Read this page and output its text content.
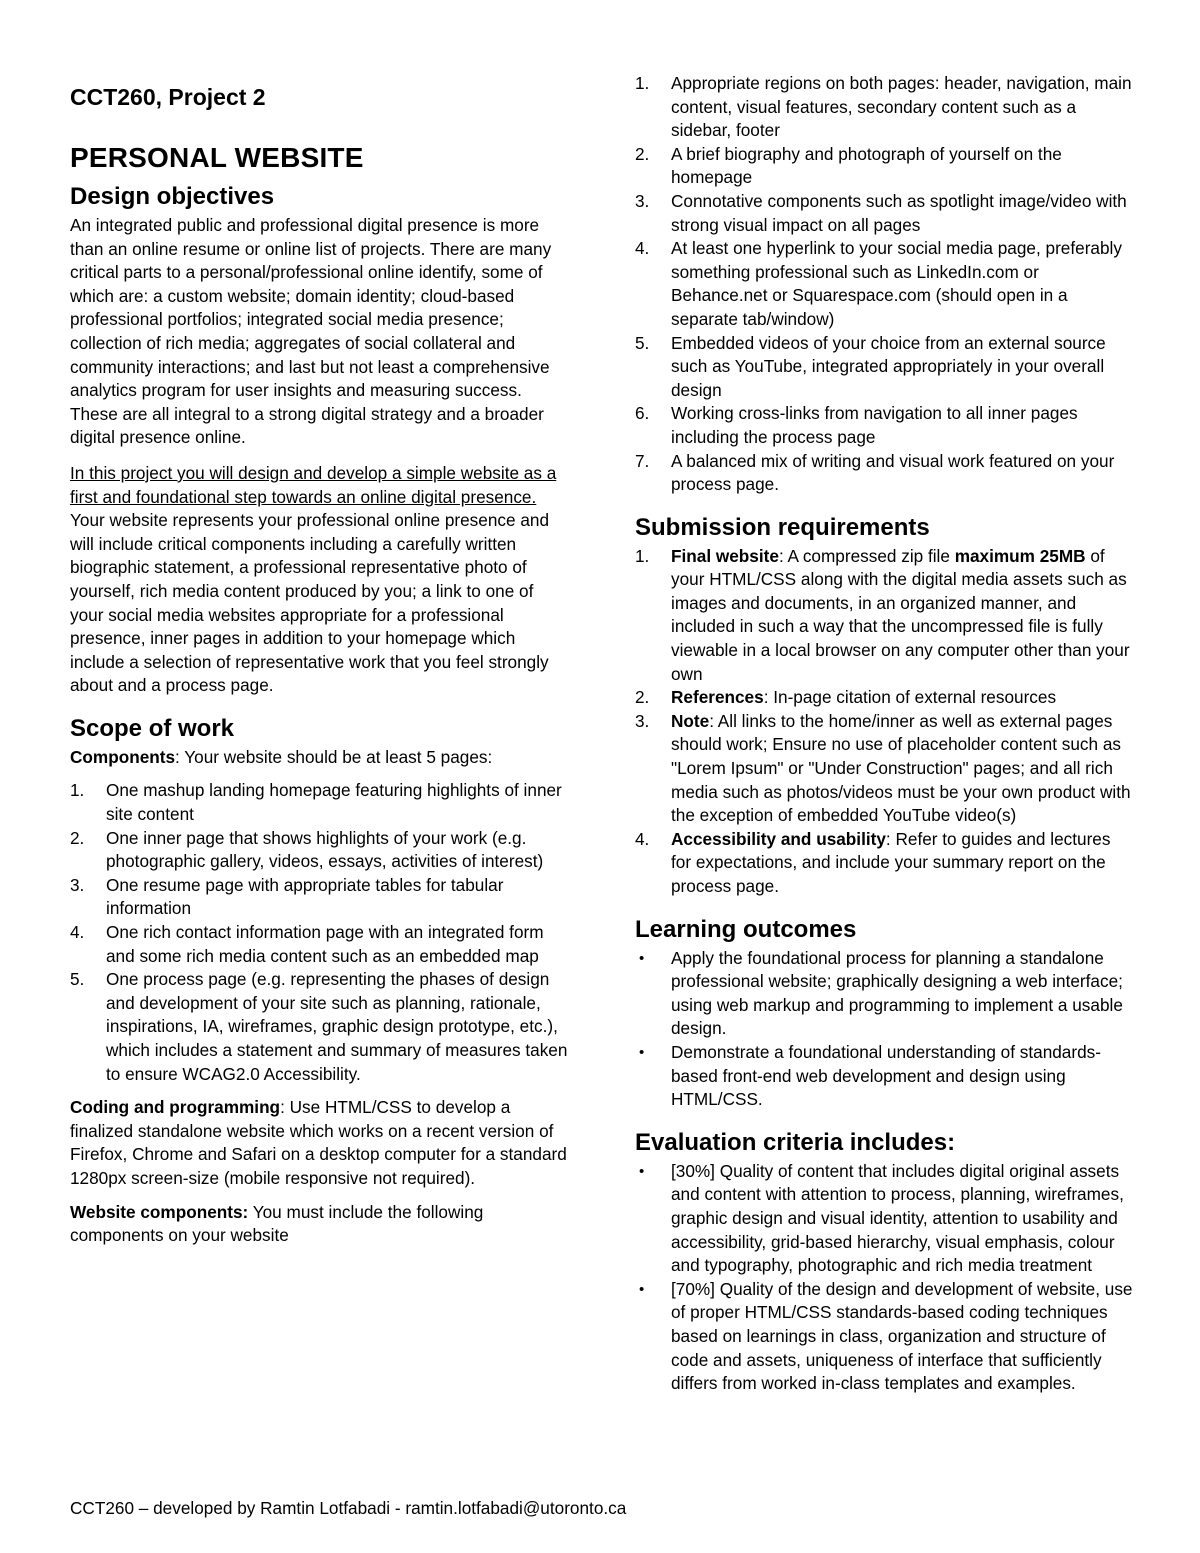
CCT260, Project 2
PERSONAL WEBSITE
Design objectives

An integrated public and professional digital presence is more than an online resume or online list of projects. There are many critical parts to a personal/professional online identify, some of which are: a custom website; domain identity; cloud-based professional portfolios; integrated social media presence; collection of rich media; aggregates of social collateral and community interactions; and last but not least a comprehensive analytics program for user insights and measuring success. These are all integral to a strong digital strategy and a broader digital presence online.

In this project you will design and develop a simple website as a first and foundational step towards an online digital presence. Your website represents your professional online presence and will include critical components including a carefully written biographic statement, a professional representative photo of yourself, rich media content produced by you; a link to one of your social media websites appropriate for a professional presence, inner pages in addition to your homepage which include a selection of representative work that you feel strongly about and a process page.

Scope of work

Components: Your website should be at least 5 pages:

1.	One mashup landing homepage featuring highlights of inner site content
2.	One inner page that shows highlights of your work (e.g. photographic gallery, videos, essays, activities of interest)
3.	One resume page with appropriate tables for tabular information
4.	One rich contact information page with an integrated form and some rich media content such as an embedded map
5.	One process page (e.g. representing the phases of design and development of your site such as planning, rationale, inspirations, IA, wireframes, graphic design prototype, etc.), which includes a statement and summary of measures taken to ensure WCAG2.0 Accessibility.

Coding and programming: Use HTML/CSS to develop a finalized standalone website which works on a recent version of Firefox, Chrome and Safari on a desktop computer for a standard 1280px screen-size (mobile responsive not required).

Website components: You must include the following components on your website

1.	Appropriate regions on both pages: header, navigation, main content, visual features, secondary content such as a sidebar, footer
2.	A brief biography and photograph of yourself on the homepage
3.	Connotative components such as spotlight image/video with strong visual impact on all pages
4.	At least one hyperlink to your social media page, preferably something professional such as LinkedIn.com or Behance.net or Squarespace.com (should open in a separate tab/window)
5.	Embedded videos of your choice from an external source such as YouTube, integrated appropriately in your overall design
6.	Working cross-links from navigation to all inner pages including the process page
7.	A balanced mix of writing and visual work featured on your process page.
Submission requirements
1.	Final website: A compressed zip file maximum 25MB of your HTML/CSS along with the digital media assets such as images and documents, in an organized manner, and included in such a way that the uncompressed file is fully viewable in a local browser on any computer other than your own
2.	References: In-page citation of external resources
3.	Note: All links to the home/inner as well as external pages should work; Ensure no use of placeholder content such as "Lorem Ipsum" or "Under Construction" pages; and all rich media such as photos/videos must be your own product with the exception of embedded YouTube video(s)
4.	Accessibility and usability: Refer to guides and lectures for expectations, and include your summary report on the process page.
Learning outcomes
•	Apply the foundational process for planning a standalone professional website; graphically designing a web interface; using web markup and programming to implement a usable design.
•	Demonstrate a foundational understanding of standards-based front-end web development and design using HTML/CSS.
Evaluation criteria includes:
•	[30%] Quality of content that includes digital original assets and content with attention to process, planning, wireframes, graphic design and visual identity, attention to usability and accessibility, grid-based hierarchy, visual emphasis, colour and typography, photographic and rich media treatment
•	[70%] Quality of the design and development of website, use of proper HTML/CSS standards-based coding techniques based on learnings in class, organization and structure of code and assets, uniqueness of interface that sufficiently differs from worked in-class templates and examples.
CCT260 – developed by Ramtin Lotfabadi - ramtin.lotfabadi@utoronto.ca
